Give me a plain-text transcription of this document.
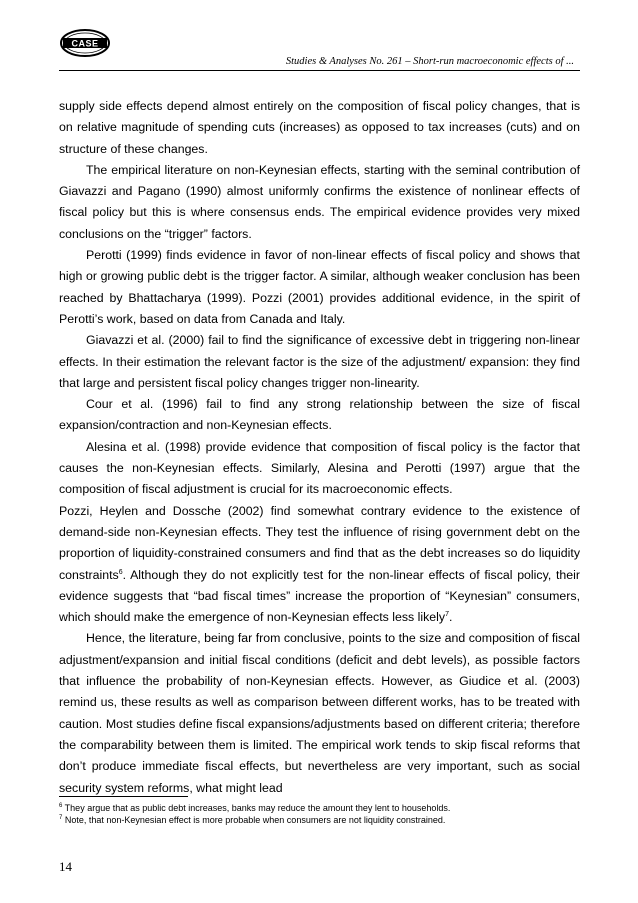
CASE
Studies & Analyses No. 261 – Short-run macroeconomic effects of ...

supply side effects depend almost entirely on the composition of fiscal policy changes, that is on relative magnitude of spending cuts (increases) as opposed to tax increases (cuts) and on structure of these changes.

The empirical literature on non-Keynesian effects, starting with the seminal contribution of Giavazzi and Pagano (1990) almost uniformly confirms the existence of nonlinear effects of fiscal policy but this is where consensus ends. The empirical evidence provides very mixed conclusions on the “trigger” factors.

Perotti (1999) finds evidence in favor of non-linear effects of fiscal policy and shows that high or growing public debt is the trigger factor. A similar, although weaker conclusion has been reached by Bhattacharya (1999). Pozzi (2001) provides additional evidence, in the spirit of Perotti’s work, based on data from Canada and Italy.

Giavazzi et al. (2000) fail to find the significance of excessive debt in triggering non-linear effects. In their estimation the relevant factor is the size of the adjustment/ expansion: they find that large and persistent fiscal policy changes trigger non-linearity.

Cour et al. (1996) fail to find any strong relationship between the size of fiscal expansion/contraction and non-Keynesian effects.

Alesina et al. (1998) provide evidence that composition of fiscal policy is the factor that causes the non-Keynesian effects. Similarly, Alesina and Perotti (1997) argue that the composition of fiscal adjustment is crucial for its macroeconomic effects.

Pozzi, Heylen and Dossche (2002) find somewhat contrary evidence to the existence of demand-side non-Keynesian effects. They test the influence of rising government debt on the proportion of liquidity-constrained consumers and find that as the debt increases so do liquidity constraints$^6$. Although they do not explicitly test for the non-linear effects of fiscal policy, their evidence suggests that “bad fiscal times” increase the proportion of “Keynesian” consumers, which should make the emergence of non-Keynesian effects less likely$^7$.

Hence, the literature, being far from conclusive, points to the size and composition of fiscal adjustment/expansion and initial fiscal conditions (deficit and debt levels), as possible factors that influence the probability of non-Keynesian effects. However, as Giudice et al. (2003) remind us, these results as well as comparison between different works, has to be treated with caution. Most studies define fiscal expansions/adjustments based on different criteria; therefore the comparability between them is limited. The empirical work tends to skip fiscal reforms that don’t produce immediate fiscal effects, but nevertheless are very important, such as social security system reforms, what might lead

$^6$ They argue that as public debt increases, banks may reduce the amount they lent to households.

$^7$ Note, that non-Keynesian effect is more probable when consumers are not liquidity constrained.

14
